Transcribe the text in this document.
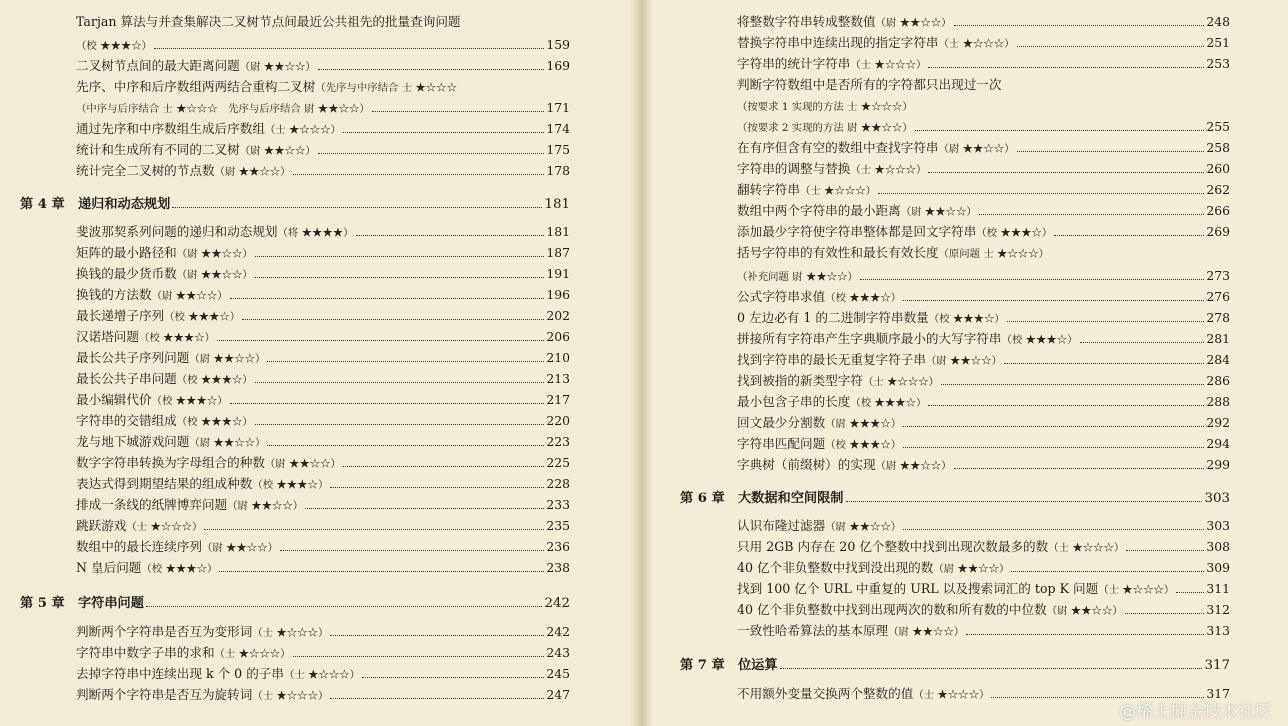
Tarjan 算法与并查集解决二叉树节点间最近公共祖先的批量查询问题
（校 ★★★☆）	159
二叉树节点间的最大距离问题（尉 ★★☆☆）	169
先序、中序和后序数组两两结合重构二叉树（先序与中序结合 士 ★☆☆☆
（中序与后序结合 士 ★☆☆☆　先序与后序结合 尉 ★★☆☆）	171
通过先序和中序数组生成后序数组（士 ★☆☆☆）	174
统计和生成所有不同的二叉树（尉 ★★☆☆）	175
统计完全二叉树的节点数（尉 ★★☆☆）	178
第 4 章 递归和动态规划	181
斐波那契系列问题的递归和动态规划（将 ★★★★）	181
矩阵的最小路径和（尉 ★★☆☆）	187
换钱的最少货币数（尉 ★★☆☆）	191
换钱的方法数（尉 ★★☆☆）	196
最长递增子序列（校 ★★★☆）	202
汉诺塔问题（校 ★★★☆）	206
最长公共子序列问题（尉 ★★☆☆）	210
最长公共子串问题（校 ★★★☆）	213
最小编辑代价（校 ★★★☆）	217
字符串的交错组成（校 ★★★☆）	220
龙与地下城游戏问题（尉 ★★☆☆）	223
数字字符串转换为字母组合的种数（尉 ★★☆☆）	225
表达式得到期望结果的组成种数（校 ★★★☆）	228
排成一条线的纸牌博弈问题（尉 ★★☆☆）	233
跳跃游戏（士 ★☆☆☆）	235
数组中的最长连续序列（尉 ★★☆☆）	236
N 皇后问题（校 ★★★☆）	238
第 5 章 字符串问题	242
判断两个字符串是否互为变形词（士 ★☆☆☆）	242
字符串中数字子串的求和（士 ★☆☆☆）	243
去掉字符串中连续出现 k 个 0 的子串（士 ★☆☆☆）	245
判断两个字符串是否互为旋转词（士 ★☆☆☆）	247
将整数字符串转成整数值（尉 ★★☆☆）	248
替换字符串中连续出现的指定字符串（士 ★☆☆☆）	251
字符串的统计字符串（士 ★☆☆☆）	253
判断字符数组中是否所有的字符都只出现过一次
（按要求 1 实现的方法 士 ★☆☆☆）
（按要求 2 实现的方法 尉 ★★☆☆）	255
在有序但含有空的数组中查找字符串（尉 ★★☆☆）	258
字符串的调整与替换（士 ★☆☆☆）	260
翻转字符串（士 ★☆☆☆）	262
数组中两个字符串的最小距离（尉 ★★☆☆）	266
添加最少字符使字符串整体都是回文字符串（校 ★★★☆）	269
括号字符串的有效性和最长有效长度（原问题 士 ★☆☆☆）
（补充问题 尉 ★★☆☆）	273
公式字符串求值（校 ★★★☆）	276
0 左边必有 1 的二进制字符串数量（校 ★★★☆）	278
拼接所有字符串产生字典顺序最小的大写字符串（校 ★★★☆）	281
找到字符串的最长无重复字符子串（尉 ★★☆☆）	284
找到被指的新类型字符（士 ★☆☆☆）	286
最小包含子串的长度（校 ★★★☆）	288
回文最少分割数（尉 ★★★☆）	292
字符串匹配问题（校 ★★★☆）	294
字典树（前缀树）的实现（尉 ★★☆☆）	299
第 6 章 大数据和空间限制	303
认识布隆过滤器（尉 ★★☆☆）	303
只用 2GB 内存在 20 亿个整数中找到出现次数最多的数（士 ★☆☆☆）	308
40 亿个非负整数中找到没出现的数（尉 ★★☆☆）	309
找到 100 亿个 URL 中重复的 URL 以及搜索词汇的 top K 问题（士 ★☆☆☆）	311
40 亿个非负整数中找到出现两次的数和所有数的中位数（尉 ★★☆☆）	312
一致性哈希算法的基本原理（尉 ★★☆☆）	313
第 7 章 位运算	317
不用额外变量交换两个整数的值（士 ★☆☆☆）	317
@稀土掘金技术社区
